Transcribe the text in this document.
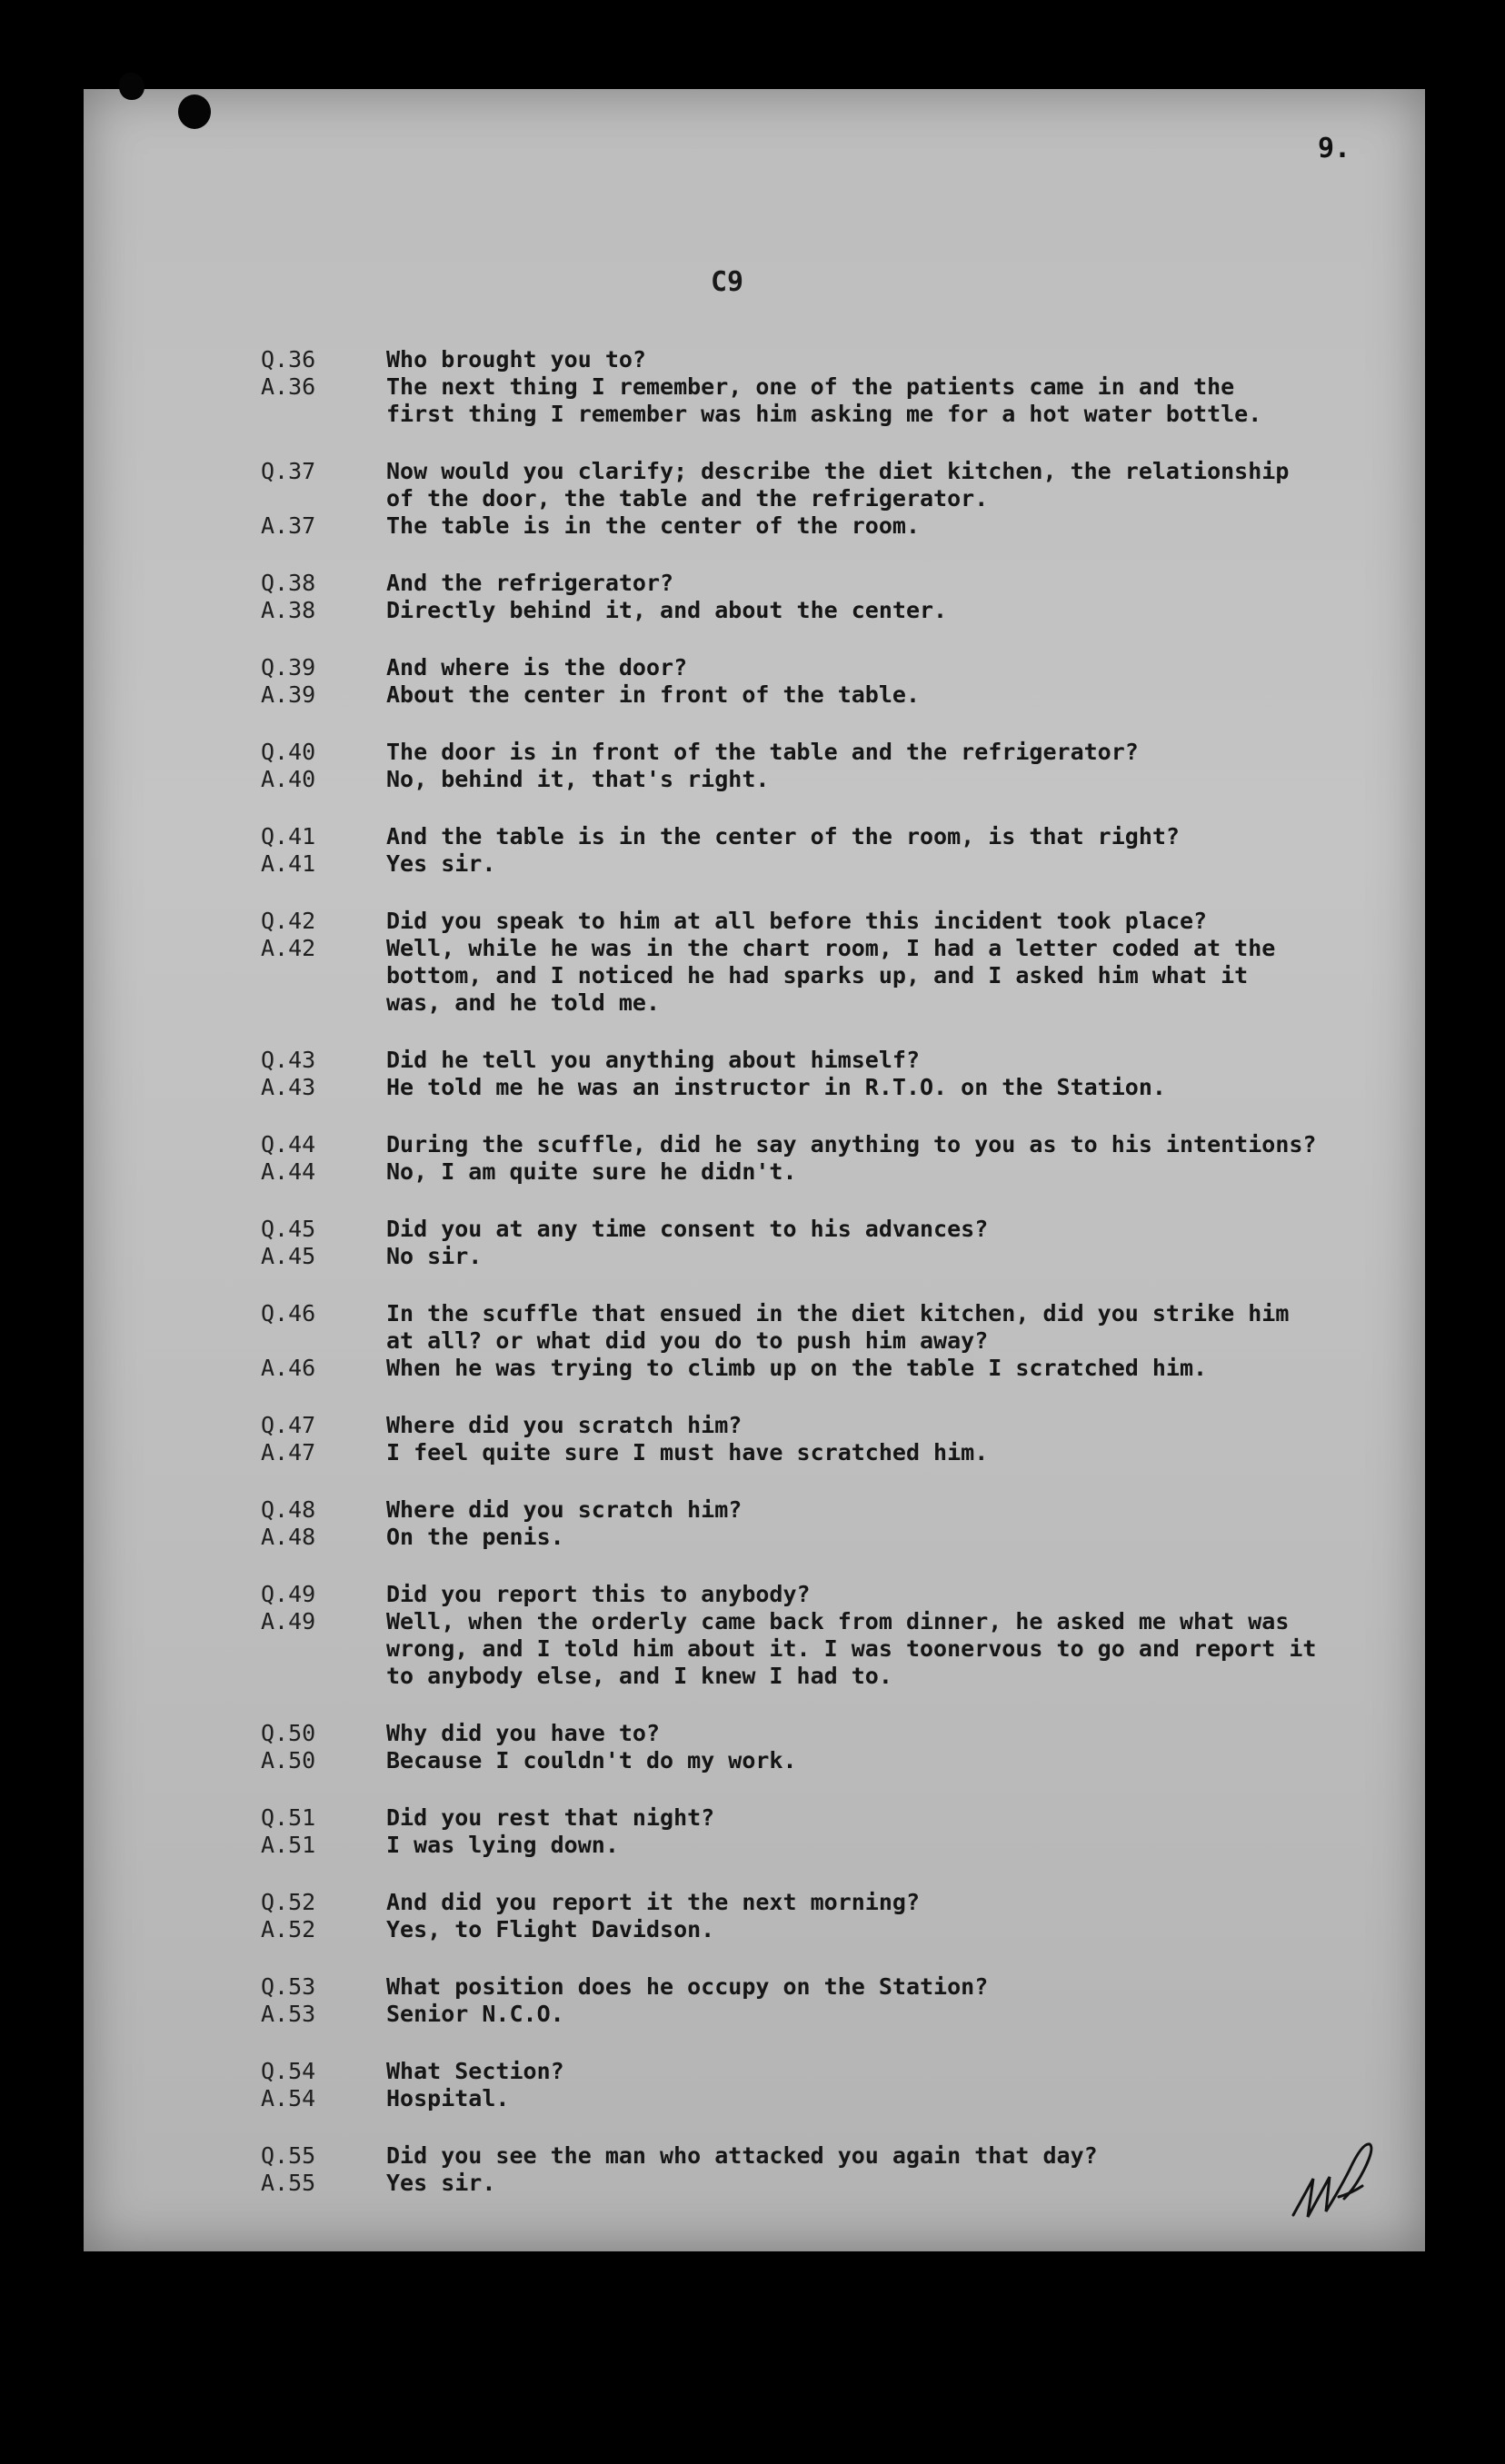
9.
C9
Q.36	Who brought you to?
A.36	The next thing I remember, one of the patients came in and the
first thing I remember was him asking me for a hot water bottle.
Q.37	Now would you clarify; describe the diet kitchen, the relationship
of the door, the table and the refrigerator.
A.37	The table is in the center of the room.
Q.38	And the refrigerator?
A.38	Directly behind it, and about the center.
Q.39	And where is the door?
A.39	About the center in front of the table.
Q.40	The door is in front of the table and the refrigerator?
A.40	No, behind it, that's right.
Q.41	And the table is in the center of the room, is that right?
A.41	Yes sir.
Q.42	Did you speak to him at all before this incident took place?
A.42	Well, while he was in the chart room, I had a letter coded at the
bottom, and I noticed he had sparks up, and I asked him what it
was, and he told me.
Q.43	Did he tell you anything about himself?
A.43	He told me he was an instructor in R.T.O. on the Station.
Q.44	During the scuffle, did he say anything to you as to his intentions?
A.44	No, I am quite sure he didn't.
Q.45	Did you at any time consent to his advances?
A.45	No sir.
Q.46	In the scuffle that ensued in the diet kitchen, did you strike him
at all? or what did you do to push him away?
A.46	When he was trying to climb up on the table I scratched him.
Q.47	Where did you scratch him?
A.47	I feel quite sure I must have scratched him.
Q.48	Where did you scratch him?
A.48	On the penis.
Q.49	Did you report this to anybody?
A.49	Well, when the orderly came back from dinner, he asked me what was
wrong, and I told him about it. I was toonervous to go and report it
to anybody else, and I knew I had to.
Q.50	Why did you have to?
A.50	Because I couldn't do my work.
Q.51	Did you rest that night?
A.51	I was lying down.
Q.52	And did you report it the next morning?
A.52	Yes, to Flight Davidson.
Q.53	What position does he occupy on the Station?
A.53	Senior N.C.O.
Q.54	What Section?
A.54	Hospital.
Q.55	Did you see the man who attacked you again that day?
A.55	Yes sir.
